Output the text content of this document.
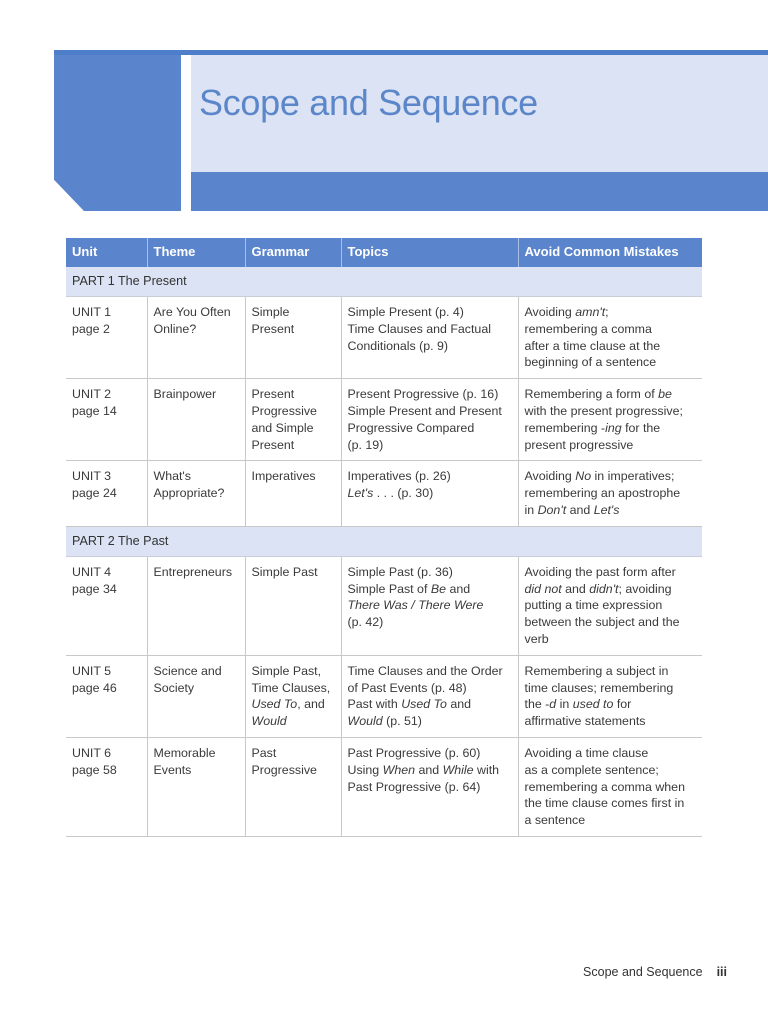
Scope and Sequence
Unit	Theme	Grammar	Topics	Avoid Common Mistakes
PART 1 The Present				

UNIT 1
page 2	Are You Often
Online?	Simple
Present	Simple Present (p. 4)
Time Clauses and Factual
Conditionals (p. 9)	Avoiding amn't;
remembering a comma
after a time clause at the
beginning of a sentence

UNIT 2
page 14	Brainpower	Present
Progressive
and Simple
Present	Present Progressive (p. 16)
Simple Present and Present
Progressive Compared
(p. 19)	Remembering a form of be
with the present progressive;
remembering -ing for the
present progressive

UNIT 3
page 24	What's
Appropriate?	Imperatives	Imperatives (p. 26)
Let's . . . (p. 30)	Avoiding No in imperatives;
remembering an apostrophe
in Don't and Let's

PART 2 The Past				

UNIT 4
page 34	Entrepreneurs	Simple Past	Simple Past (p. 36)
Simple Past of Be and
There Was / There Were
(p. 42)	Avoiding the past form after
did not and didn't; avoiding
putting a time expression
between the subject and the
verb

UNIT 5
page 46	Science and
Society	Simple Past,
Time Clauses,
Used To, and
Would	Time Clauses and the Order
of Past Events (p. 48)
Past with Used To and
Would (p. 51)	Remembering a subject in
time clauses; remembering
the -d in used to for
affirmative statements

UNIT 6
page 58	Memorable
Events	Past
Progressive	Past Progressive (p. 60)
Using When and While with
Past Progressive (p. 64)	Avoiding a time clause
as a complete sentence;
remembering a comma when
the time clause comes first in
a sentence
Scope and Sequence iii
